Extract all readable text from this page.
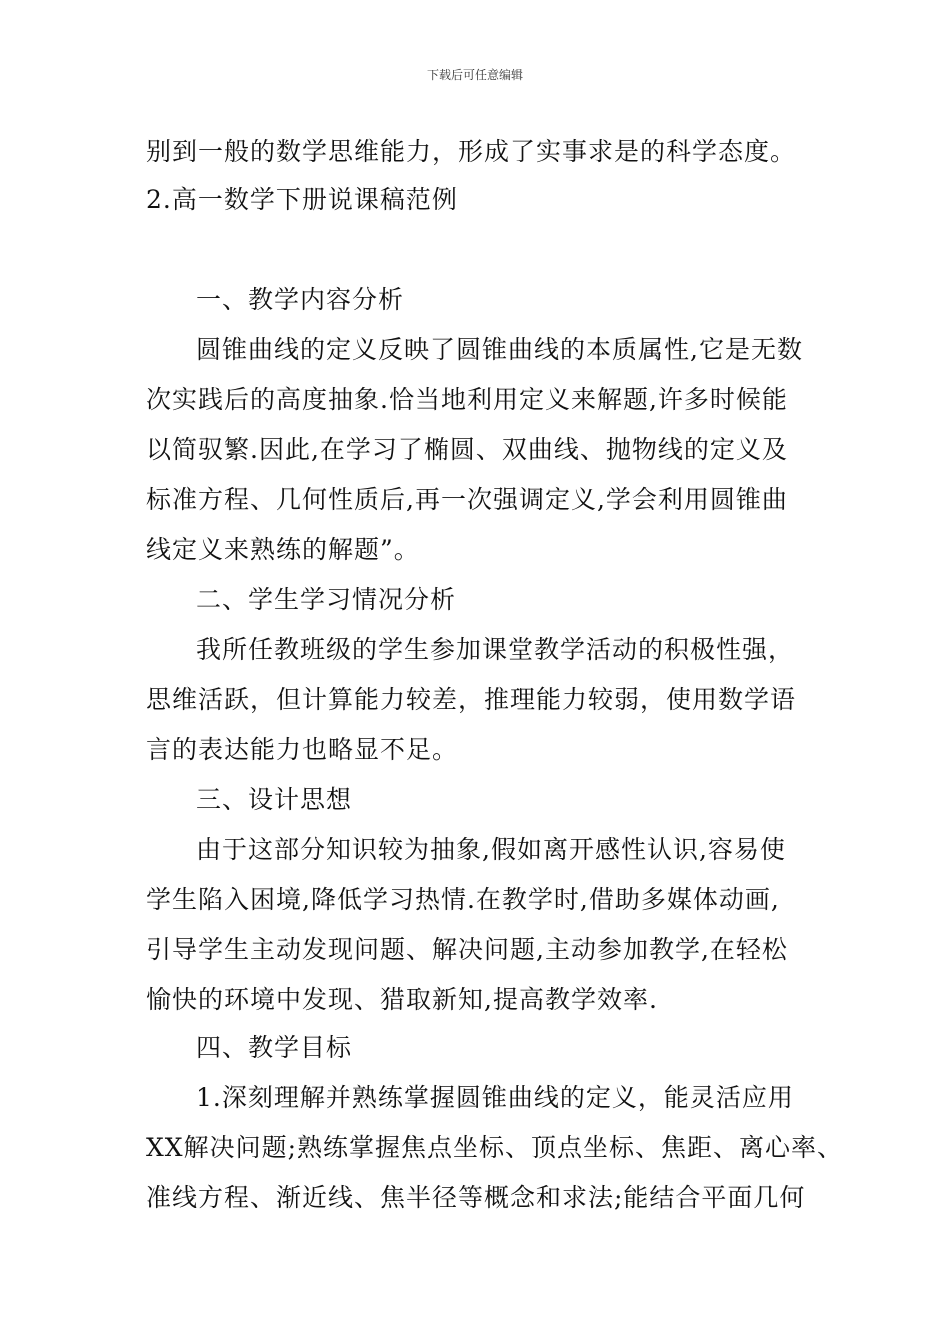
下载后可任意编辑
别到一般的数学思维能力，形成了实事求是的科学态度。
2.高一数学下册说课稿范例
一、教学内容分析
圆锥曲线的定义反映了圆锥曲线的本质属性,它是无数
次实践后的高度抽象.恰当地利用定义来解题,许多时候能
以简驭繁.因此,在学习了椭圆、双曲线、抛物线的定义及
标准方程、几何性质后,再一次强调定义,学会利用圆锥曲
线定义来熟练的解题”。
二、学生学习情况分析
我所任教班级的学生参加课堂教学活动的积极性强，
思维活跃，但计算能力较差，推理能力较弱，使用数学语
言的表达能力也略显不足。
三、设计思想
由于这部分知识较为抽象,假如离开感性认识,容易使
学生陷入困境,降低学习热情.在教学时,借助多媒体动画,
引导学生主动发现问题、解决问题,主动参加教学,在轻松
愉快的环境中发现、猎取新知,提高教学效率.
四、教学目标
1.深刻理解并熟练掌握圆锥曲线的定义，能灵活应用
XX解决问题;熟练掌握焦点坐标、顶点坐标、焦距、离心率、
准线方程、渐近线、焦半径等概念和求法;能结合平面几何
